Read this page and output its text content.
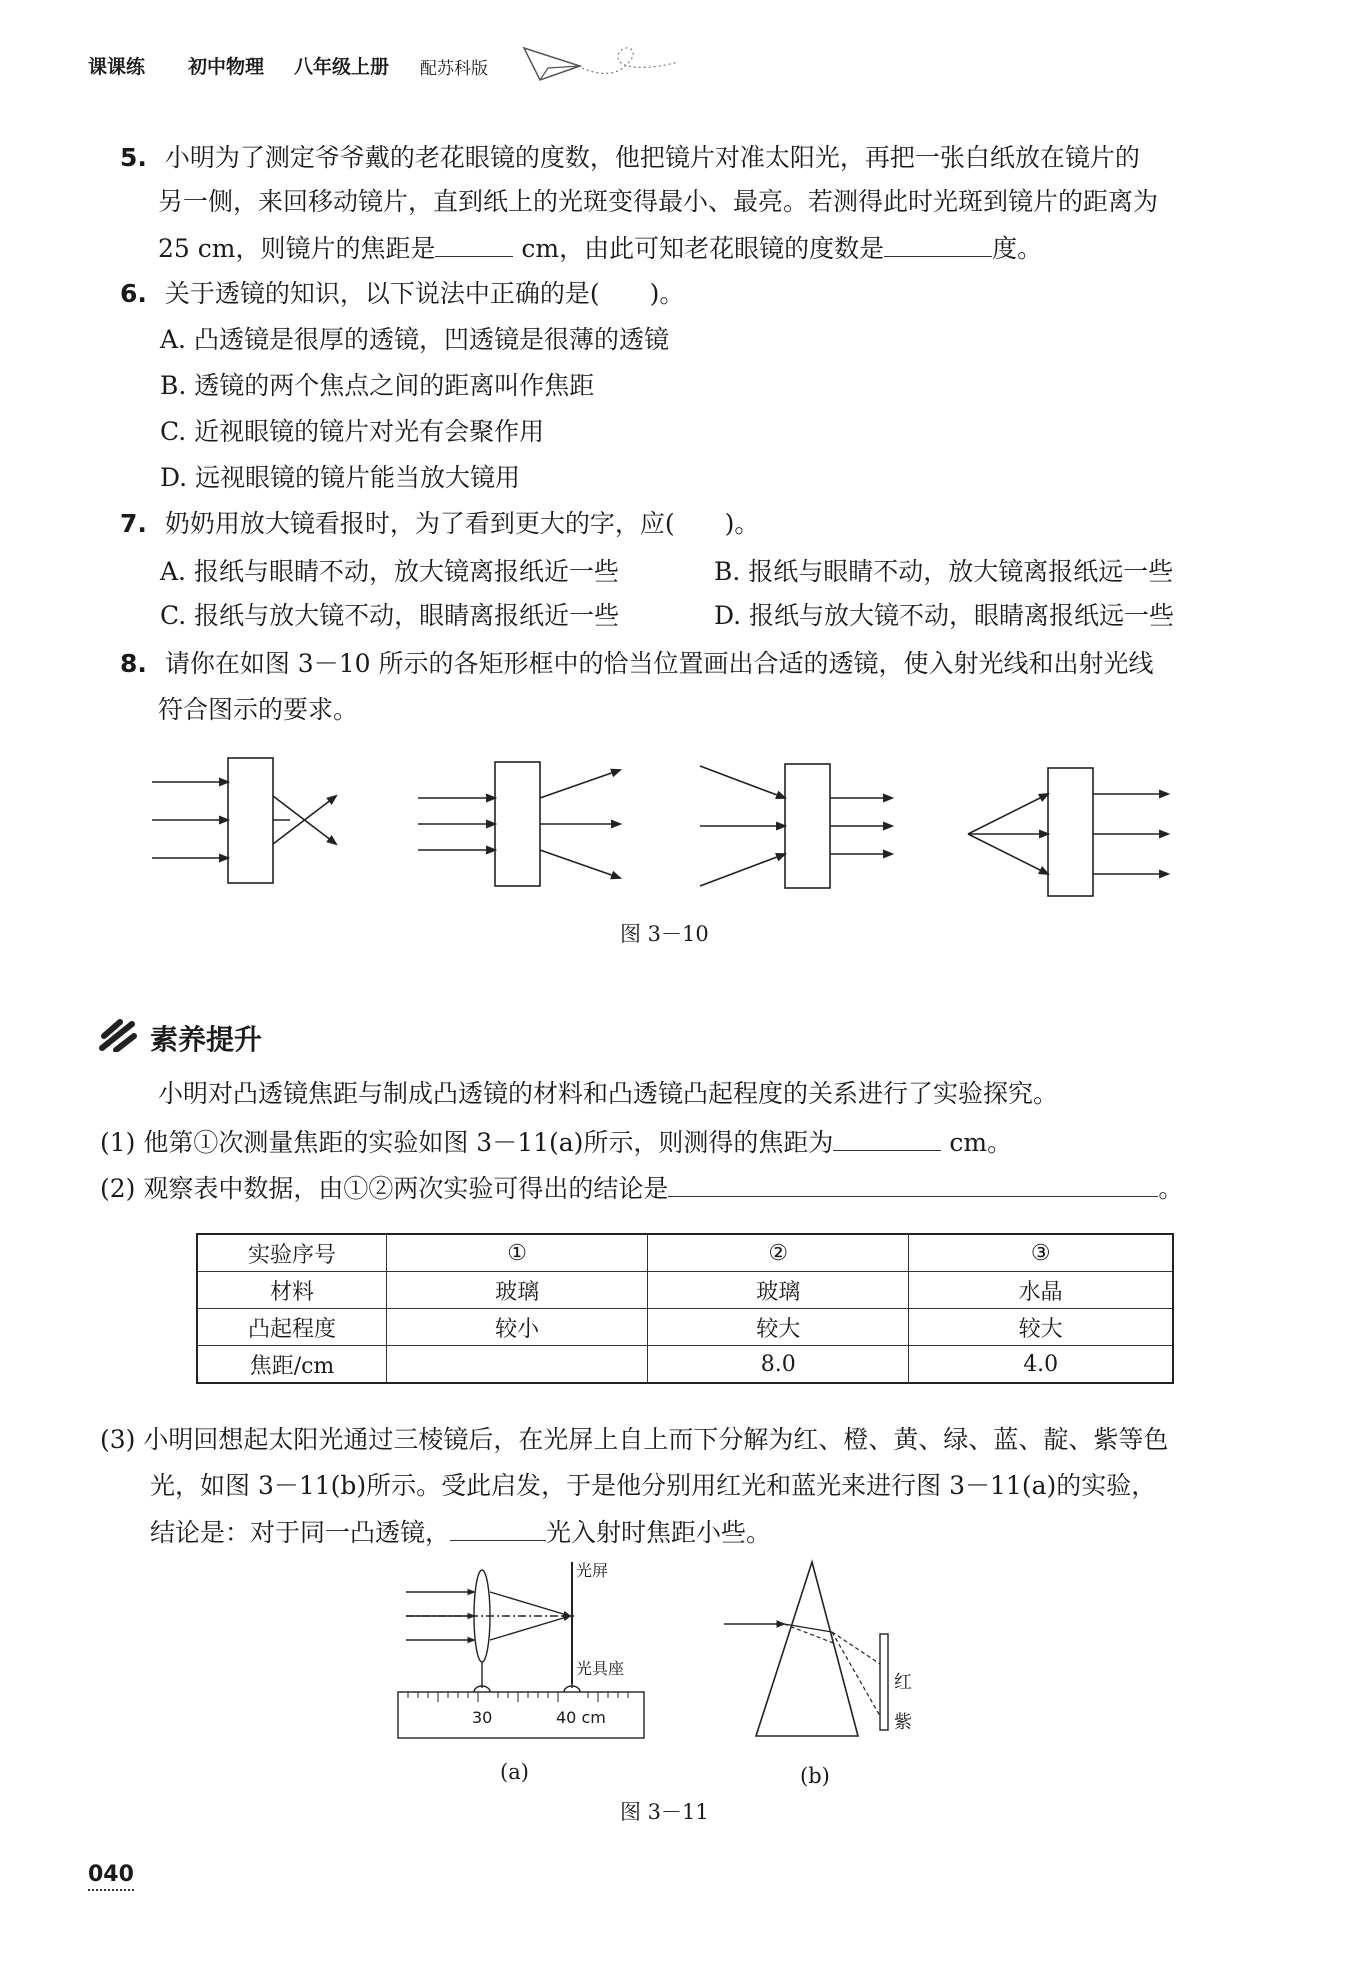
课课练 初中物理 八年级上册 配苏科版
5. 小明为了测定爷爷戴的老花眼镜的度数，他把镜片对准太阳光，再把一张白纸放在镜片的
另一侧，来回移动镜片，直到纸上的光斑变得最小、最亮。若测得此时光斑到镜片的距离为
25 cm，则镜片的焦距是	cm，由此可知老花眼镜的度数是	度。
6. 关于透镜的知识，以下说法中正确的是(　　)。
A. 凸透镜是很厚的透镜，凹透镜是很薄的透镜
B. 透镜的两个焦点之间的距离叫作焦距
C. 近视眼镜的镜片对光有会聚作用
D. 远视眼镜的镜片能当放大镜用
7. 奶奶用放大镜看报时，为了看到更大的字，应(　　)。
A. 报纸与眼睛不动，放大镜离报纸近一些	B. 报纸与眼睛不动，放大镜离报纸远一些
C. 报纸与放大镜不动，眼睛离报纸近一些	D. 报纸与放大镜不动，眼睛离报纸远一些
8. 请你在如图 3－10 所示的各矩形框中的恰当位置画出合适的透镜，使入射光线和出射光线
符合图示的要求。
图 3－10
素养提升
小明对凸透镜焦距与制成凸透镜的材料和凸透镜凸起程度的关系进行了实验探究。
(1) 他第①次测量焦距的实验如图 3－11(a)所示，则测得的焦距为	cm。
(2) 观察表中数据，由①②两次实验可得出的结论是	。
实验序号	①	②	③
材料	玻璃	玻璃	水晶
凸起程度	较小	较大	较大
焦距/cm		8.0	4.0
(3) 小明回想起太阳光通过三棱镜后，在光屏上自上而下分解为红、橙、黄、绿、蓝、靛、紫等色
光，如图 3－11(b)所示。受此启发，于是他分别用红光和蓝光来进行图 3－11(a)的实验，
结论是：对于同一凸透镜，	光入射时焦距小些。
光屏
光具座
30	40 cm
(a)
红
紫
(b)
图 3－11
040
